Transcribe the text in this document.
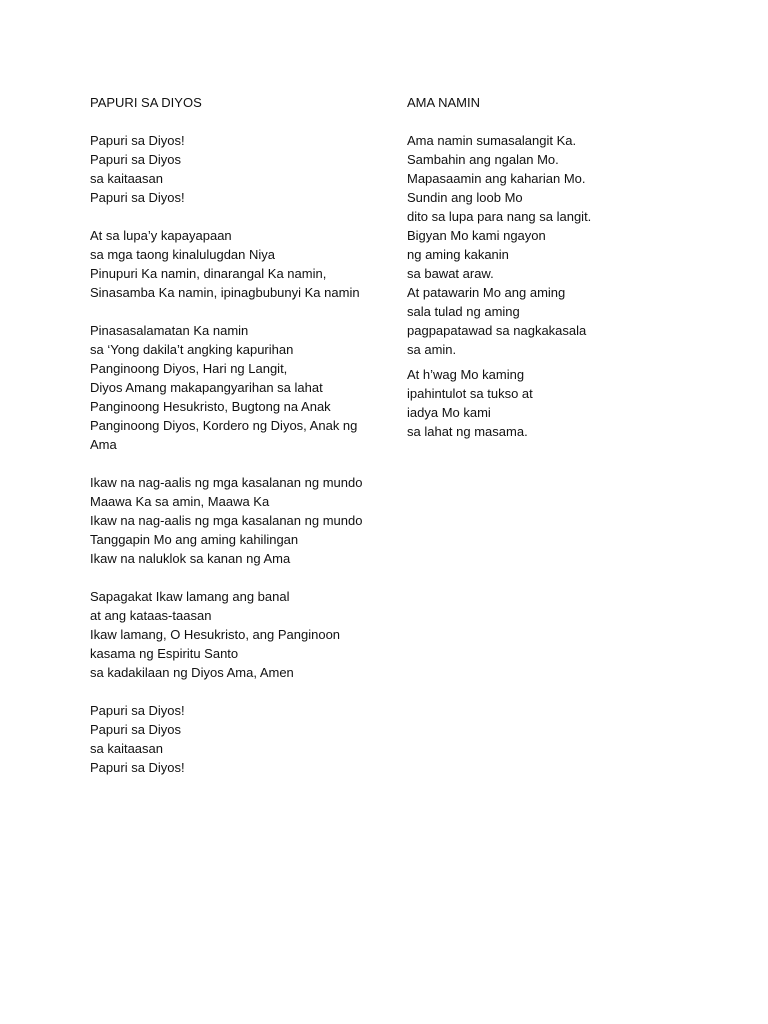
PAPURI SA DIYOS
Papuri sa Diyos!
Papuri sa Diyos
sa kaitaasan
Papuri sa Diyos!
At sa lupa’y kapayapaan
sa mga taong kinalulugdan Niya
Pinupuri Ka namin, dinarangal Ka namin,
Sinasamba Ka namin, ipinagbubunyi Ka namin
Pinasasalamatan Ka namin
sa ‘Yong dakila’t angking kapurihan
Panginoong Diyos, Hari ng Langit,
Diyos Amang makapangyarihan sa lahat
Panginoong Hesukristo, Bugtong na Anak
Panginoong Diyos, Kordero ng Diyos, Anak ng Ama
Ikaw na nag-aalis ng mga kasalanan ng mundo
Maawa Ka sa amin, Maawa Ka
Ikaw na nag-aalis ng mga kasalanan ng mundo
Tanggapin Mo ang aming kahilingan
Ikaw na naluklok sa kanan ng Ama
Sapagakat Ikaw lamang ang banal
at ang kataas-taasan
Ikaw lamang, O Hesukristo, ang Panginoon
kasama ng Espiritu Santo
sa kadakilaan ng Diyos Ama, Amen
Papuri sa Diyos!
Papuri sa Diyos
sa kaitaasan
Papuri sa Diyos!
AMA NAMIN
Ama namin sumasalangit Ka.
Sambahin ang ngalan Mo.
Mapasaamin ang kaharian Mo.
Sundin ang loob Mo
dito sa lupa para nang sa langit.
Bigyan Mo kami ngayon
ng aming kakanin
sa bawat araw.
At patawarin Mo ang aming
sala tulad ng aming
pagpapatawad sa nagkakasala
sa amin.
At h’wag Mo kaming
ipahintulot sa tukso at
iadya Mo kami
sa lahat ng masama.
